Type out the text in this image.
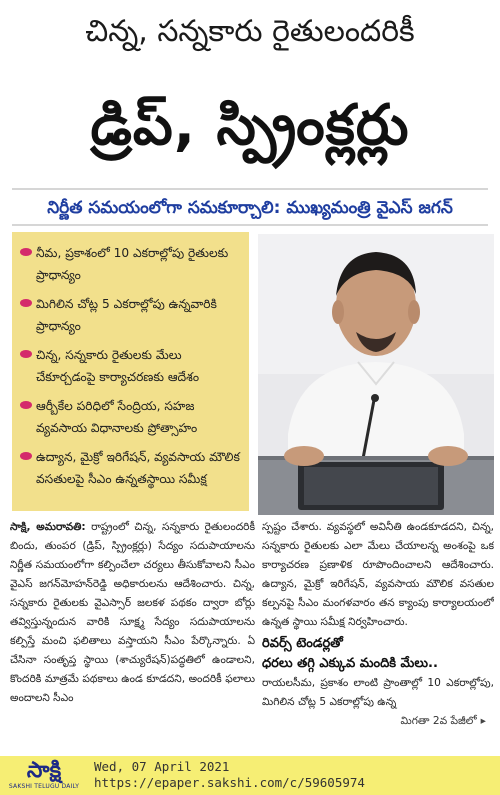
చిన్న, సన్నకారు రైతులందరికీ
డ్రిప్, స్ప్రింక్లర్లు
నిర్ణీత సమయంలోగా సమకూర్చాలి: ముఖ్యమంత్రి వైఎస్ జగన్
నీమ, ప్రకాశంలో 10 ఎకరాల్లోపు రైతులకు ప్రాధాన్యం
మిగిలిన చోట్ల 5 ఎకరాల్లోపు ఉన్నవారికి ప్రాధాన్యం
చిన్న, సన్నకారు రైతులకు మేలు చేకూర్చడంపై కార్యాచరణకు ఆదేశం
ఆర్బీకేల పరిధిలో సేంద్రియ, సహజ వ్యవసాయ విధానాలకు ప్రోత్సాహం
ఉద్యాన, మైక్రో ఇరిగేషన్, వ్యవసాయ మౌలిక వసతులపై సీఎం ఉన్నతస్థాయి సమీక్ష

సాక్షి, అమరావతి: రాష్ట్రంలో చిన్న, సన్నకారు రైతులందరికీ బిందు, తుంపర (డ్రిప్, స్ప్రింక్లర్లు) సేద్యం సదుపాయాలను నిర్ణీత సమయంలోగా కల్పించేలా చర్యలు తీసుకోవాలని సీఎం వైఎస్ జగన్‌మోహన్‌రెడ్డి అధికారులను ఆదేశించారు. చిన్న, సన్నకారు రైతులకు వైఎస్సార్ జలకళ పథకం ద్వారా బోర్లు తవ్విస్తున్నందున వారికి సూక్ష్మ సేద్యం సదుపాయాలను కల్పిస్తే మంచి ఫలితాలు వస్తాయని సీఎం పేర్కొన్నారు. ఏ చేసినా సంతృప్త స్థాయి (శాచ్యురేషన్)పద్ధతిలో ఉండాలని, కొందరికి మాత్రమే పథకాలు ఉండ కూడదని, అందరికీ ఫలాలు అందాలని సీఎం

స్పష్టం చేశారు. వ్యవస్థలో అవినీతి ఉండకూడదని, చిన్న, సన్నకారు రైతులకు ఎలా మేలు చేయాలన్న అంశంపై ఒక కార్యాచరణ ప్రణాళిక రూపొందించాలని ఆదేశించారు. ఉద్యాన, మైక్రో ఇరిగేషన్, వ్యవసాయ మౌలిక వసతుల కల్పనపై సీఎం మంగళవారం తన క్యాంపు కార్యాలయంలో ఉన్నత స్థాయి సమీక్ష నిర్వహించారు.

రివర్స్ టెండర్లతో
ధరలు తగ్గి ఎక్కువ మందికి మేలు..

రాయలసీమ, ప్రకాశం లాంటి ప్రాంతాల్లో 10 ఎకరాల్లోపు, మిగిలిన చోట్ల 5 ఎకరాల్లోపు ఉన్న

మిగతా 2వ పేజీలో ▸
సాక్షి
SAKSHI TELUGU DAILY
Wed, 07 April 2021
https://epaper.sakshi.com/c/59605974
